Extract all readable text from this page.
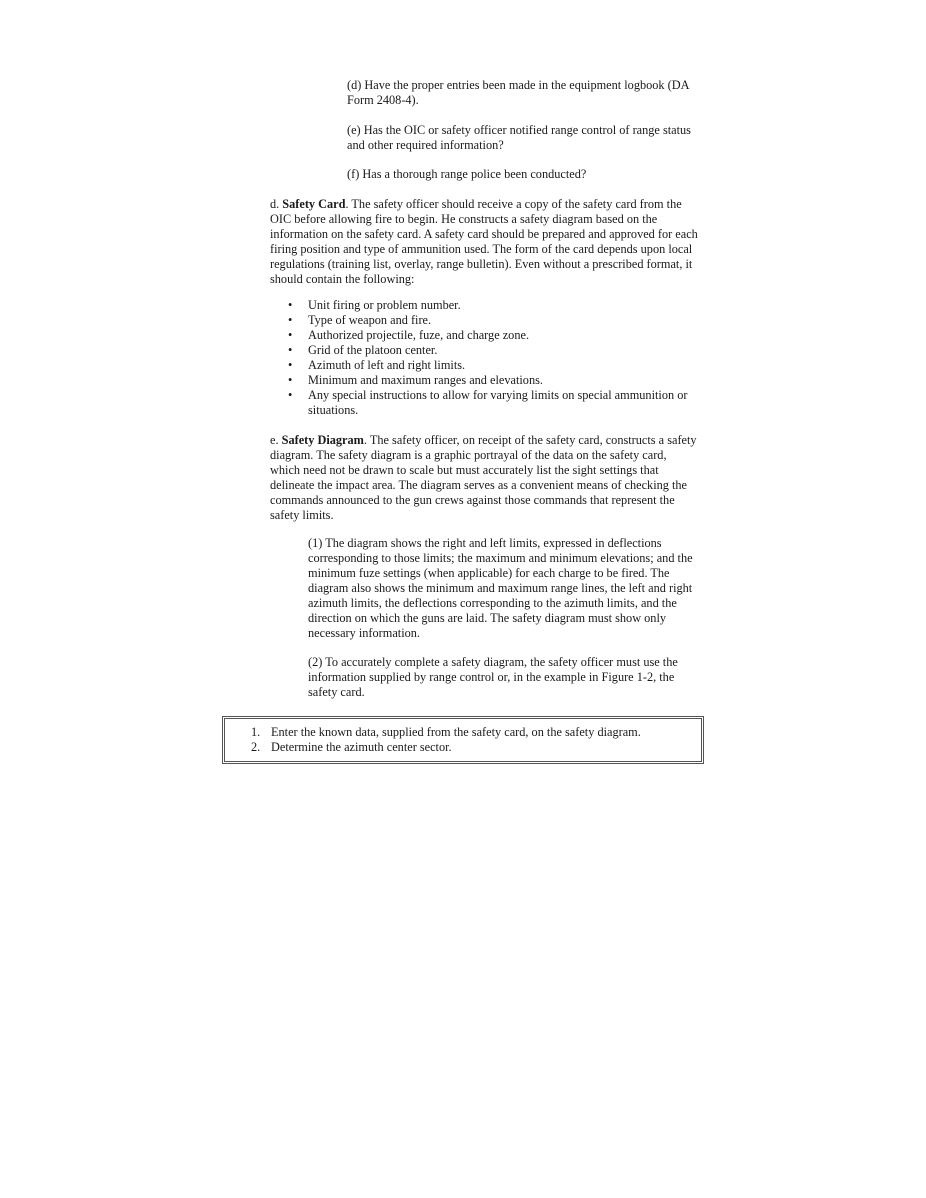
(d) Have the proper entries been made in the equipment logbook (DA Form 2408-4).

(e) Has the OIC or safety officer notified range control of range status and other required information?

(f) Has a thorough range police been conducted?

d. Safety Card. The safety officer should receive a copy of the safety card from the OIC before allowing fire to begin. He constructs a safety diagram based on the information on the safety card. A safety card should be prepared and approved for each firing position and type of ammunition used. The form of the card depends upon local regulations (training list, overlay, range bulletin). Even without a prescribed format, it should contain the following:

• Unit firing or problem number.
• Type of weapon and fire.
• Authorized projectile, fuze, and charge zone.
• Grid of the platoon center.
• Azimuth of left and right limits.
• Minimum and maximum ranges and elevations.
• Any special instructions to allow for varying limits on special ammunition or situations.

e. Safety Diagram. The safety officer, on receipt of the safety card, constructs a safety diagram. The safety diagram is a graphic portrayal of the data on the safety card, which need not be drawn to scale but must accurately list the sight settings that delineate the impact area. The diagram serves as a convenient means of checking the commands announced to the gun crews against those commands that represent the safety limits.

(1) The diagram shows the right and left limits, expressed in deflections corresponding to those limits; the maximum and minimum elevations; and the minimum fuze settings (when applicable) for each charge to be fired. The diagram also shows the minimum and maximum range lines, the left and right azimuth limits, the deflections corresponding to the azimuth limits, and the direction on which the guns are laid. The safety diagram must show only necessary information.

(2) To accurately complete a safety diagram, the safety officer must use the information supplied by range control or, in the example in Figure 1-2, the safety card.

1. Enter the known data, supplied from the safety card, on the safety diagram.
2. Determine the azimuth center sector.
